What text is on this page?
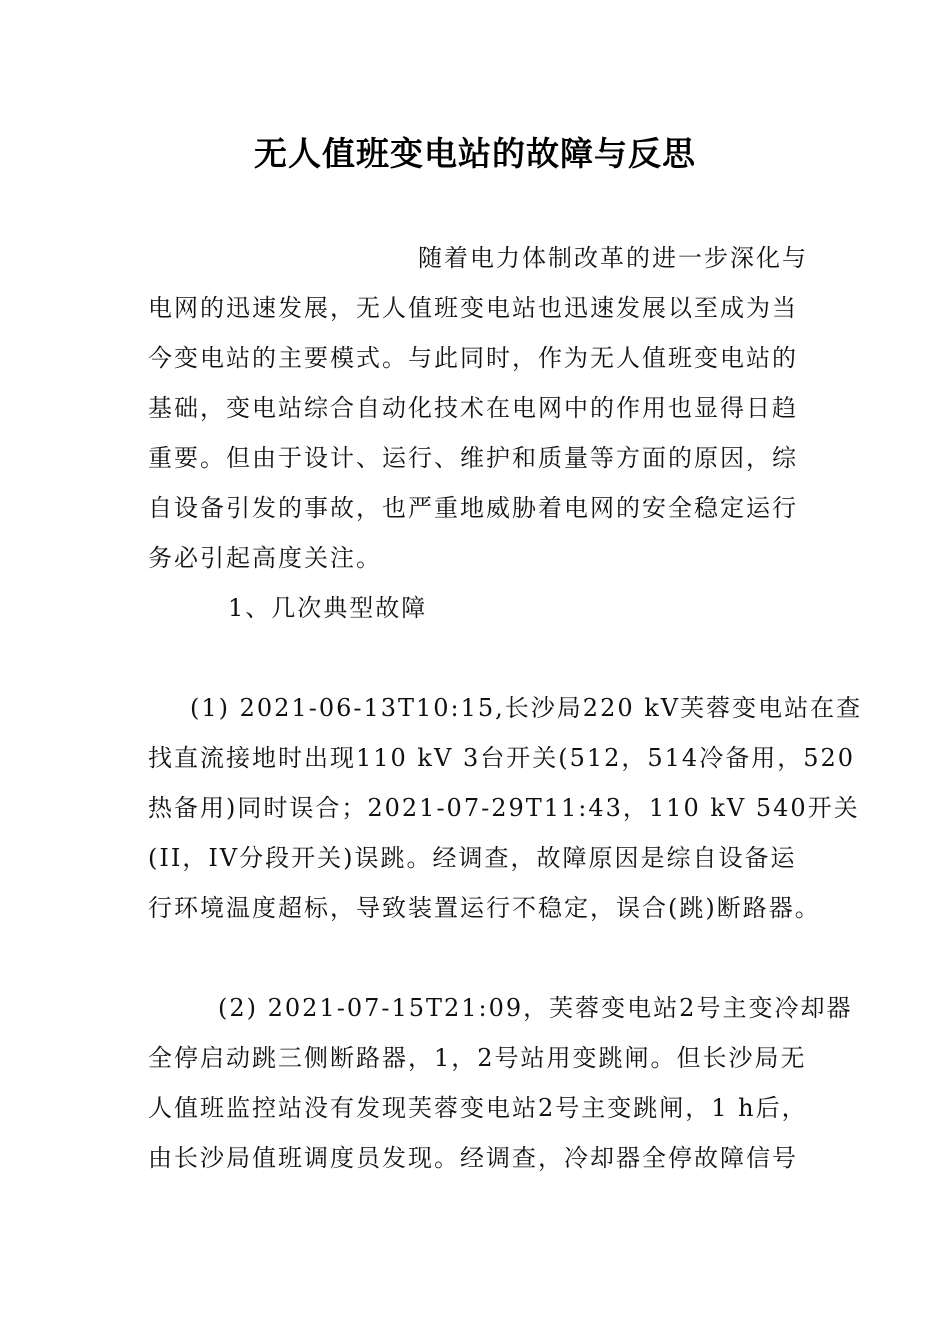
无人值班变电站的故障与反思
随着电力体制改革的进一步深化与
电网的迅速发展，无人值班变电站也迅速发展以至成为当
今变电站的主要模式。与此同时，作为无人值班变电站的
基础，变电站综合自动化技术在电网中的作用也显得日趋
重要。但由于设计、运行、维护和质量等方面的原因，综
自设备引发的事故，也严重地威胁着电网的安全稳定运行
务必引起高度关注。
1、几次典型故障
(1) 2021-06-13T10:15,长沙局220 kV芙蓉变电站在查
找直流接地时出现110 kV 3台开关(512，514冷备用，520
热备用)同时误合；2021-07-29T11:43，110 kV 540开关
(II，IV分段开关)误跳。经调查，故障原因是综自设备运
行环境温度超标，导致装置运行不稳定，误合(跳)断路器。
(2) 2021-07-15T21:09，芙蓉变电站2号主变冷却器
全停启动跳三侧断路器，1，2号站用变跳闸。但长沙局无
人值班监控站没有发现芙蓉变电站2号主变跳闸，1 h后，
由长沙局值班调度员发现。经调查，冷却器全停故障信号
